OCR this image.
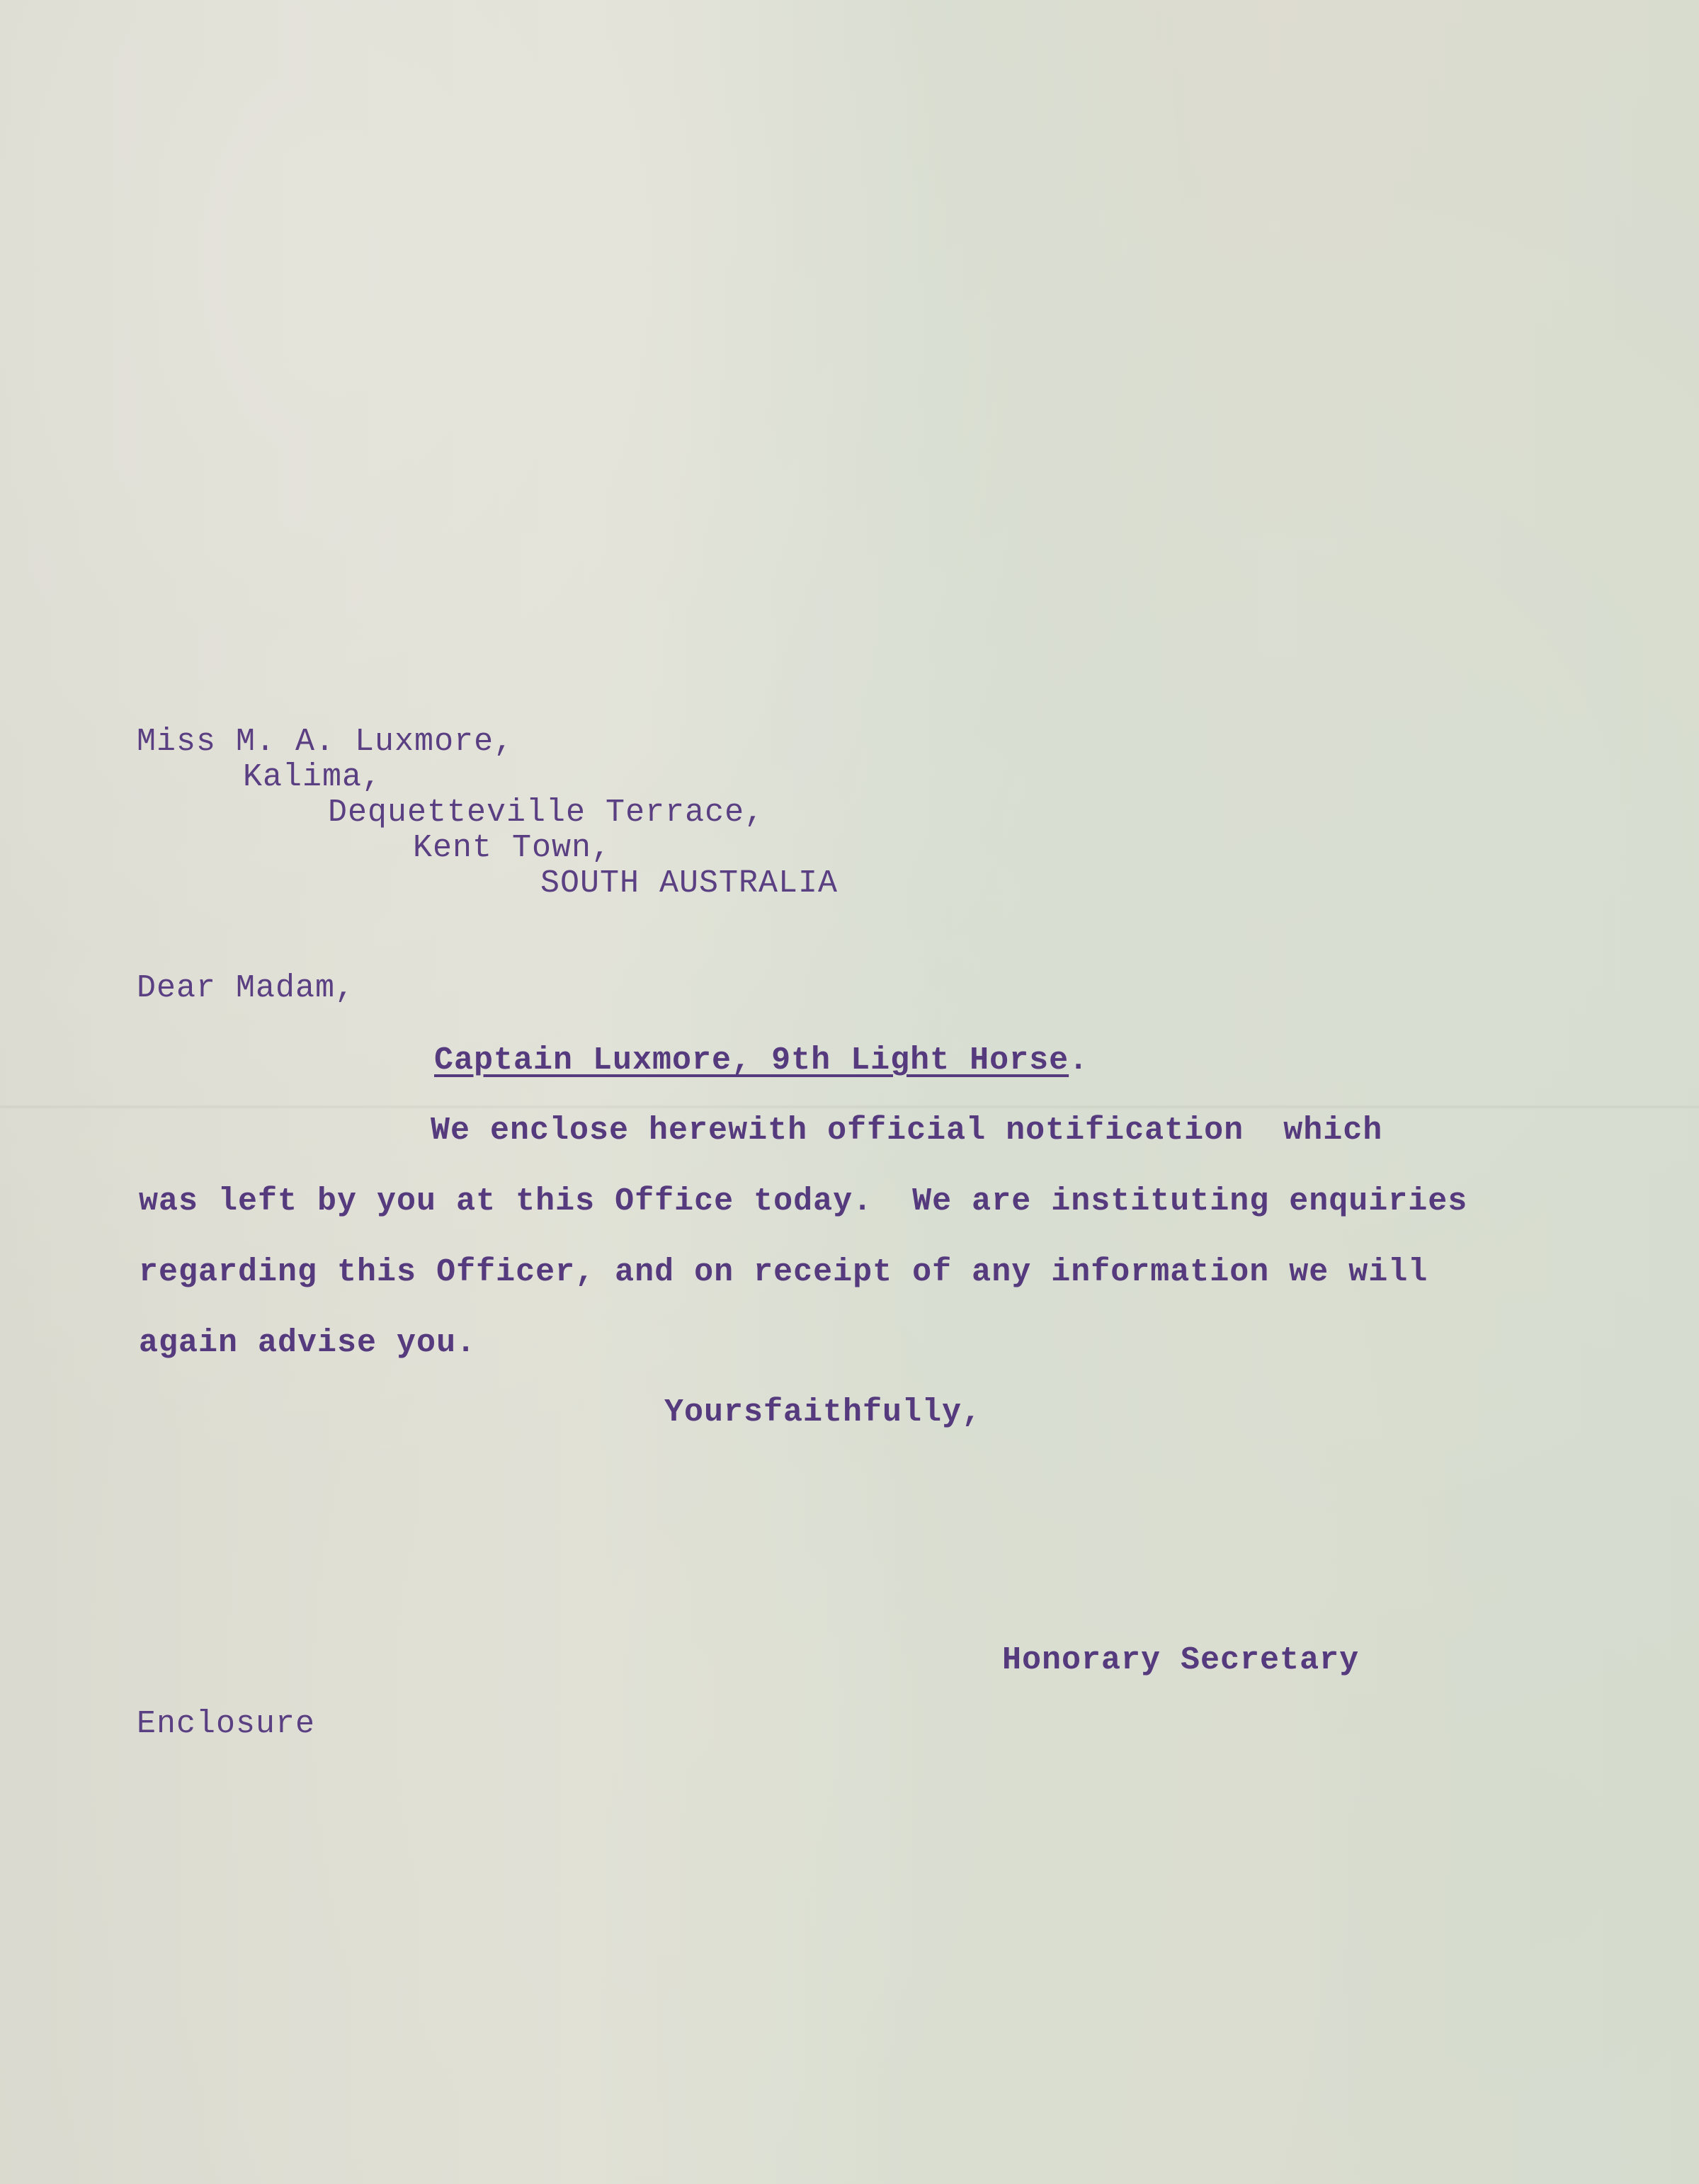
Miss M. A. Luxmore,

Kalima,

Dequetteville Terrace,

Kent Town,

SOUTH AUSTRALIA

Dear Madam,

Captain Luxmore, 9th Light Horse.

We enclose herewith official notification  which

was left by you at this Office today.  We are instituting enquiries

regarding this Officer, and on receipt of any information we will

again advise you.

Yoursfaithfully,

Honorary Secretary

Enclosure
